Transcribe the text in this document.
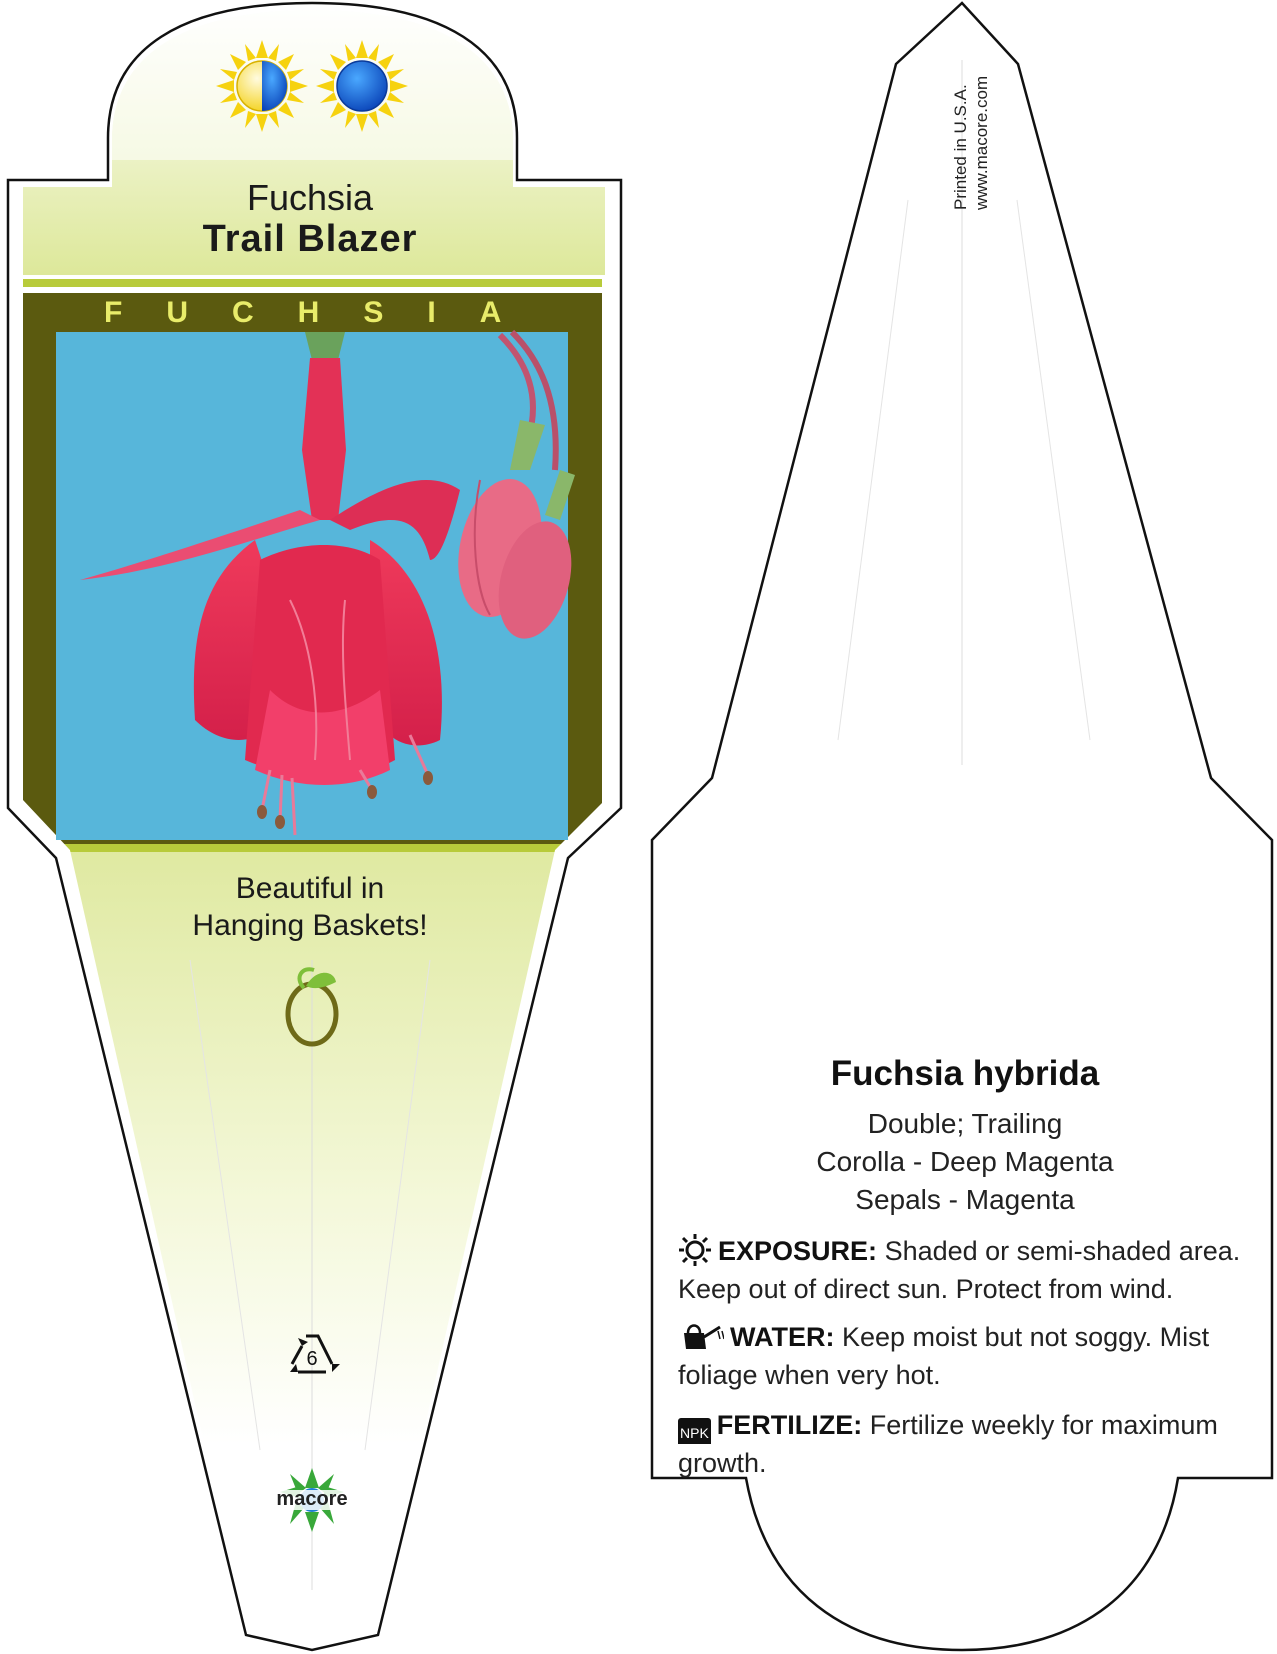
Fuchsia
Trail Blazer
FUCHSIA
Beautiful in
Hanging Baskets!
6
macore
Printed in U.S.A. www.macore.com
Fuchsia hybrida
Double; Trailing
Corolla - Deep Magenta
Sepals - Magenta
EXPOSURE: Shaded or semi-shaded area. Keep out of direct sun. Protect from wind.
WATER: Keep moist but not soggy. Mist foliage when very hot.
NPK FERTILIZE: Fertilize weekly for maximum growth.
